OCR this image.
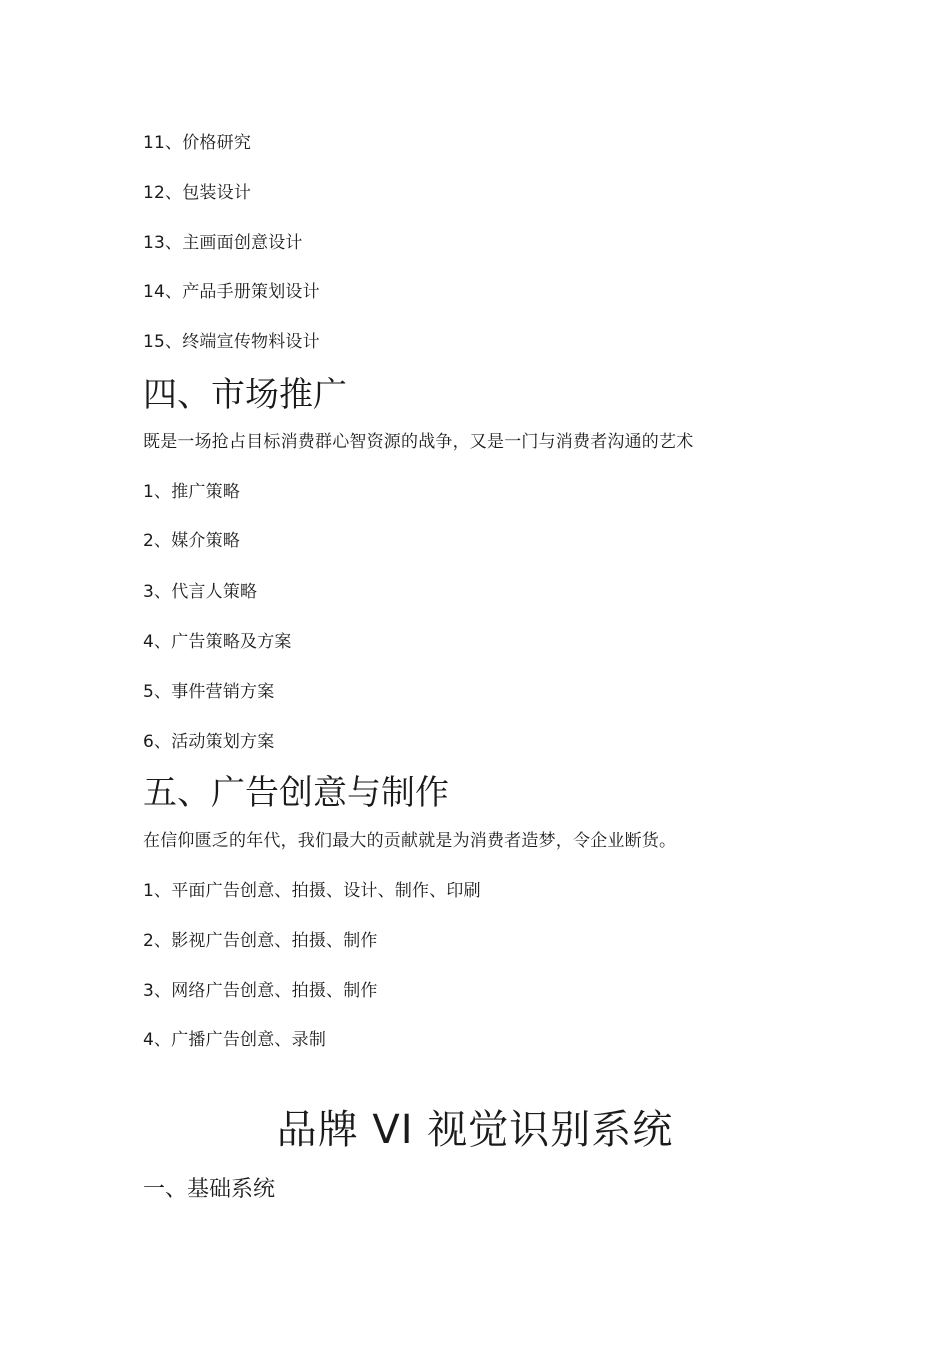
11、价格研究
12、包装设计
13、主画面创意设计
14、产品手册策划设计
15、终端宣传物料设计
四、市场推广
既是一场抢占目标消费群心智资源的战争，又是一门与消费者沟通的艺术
1、推广策略
2、媒介策略
3、代言人策略
4、广告策略及方案
5、事件营销方案
6、活动策划方案
五、广告创意与制作
在信仰匮乏的年代，我们最大的贡献就是为消费者造梦，令企业断货。
1、平面广告创意、拍摄、设计、制作、印刷
2、影视广告创意、拍摄、制作
3、网络广告创意、拍摄、制作
4、广播广告创意、录制
品牌 VI 视觉识别系统
一、基础系统
